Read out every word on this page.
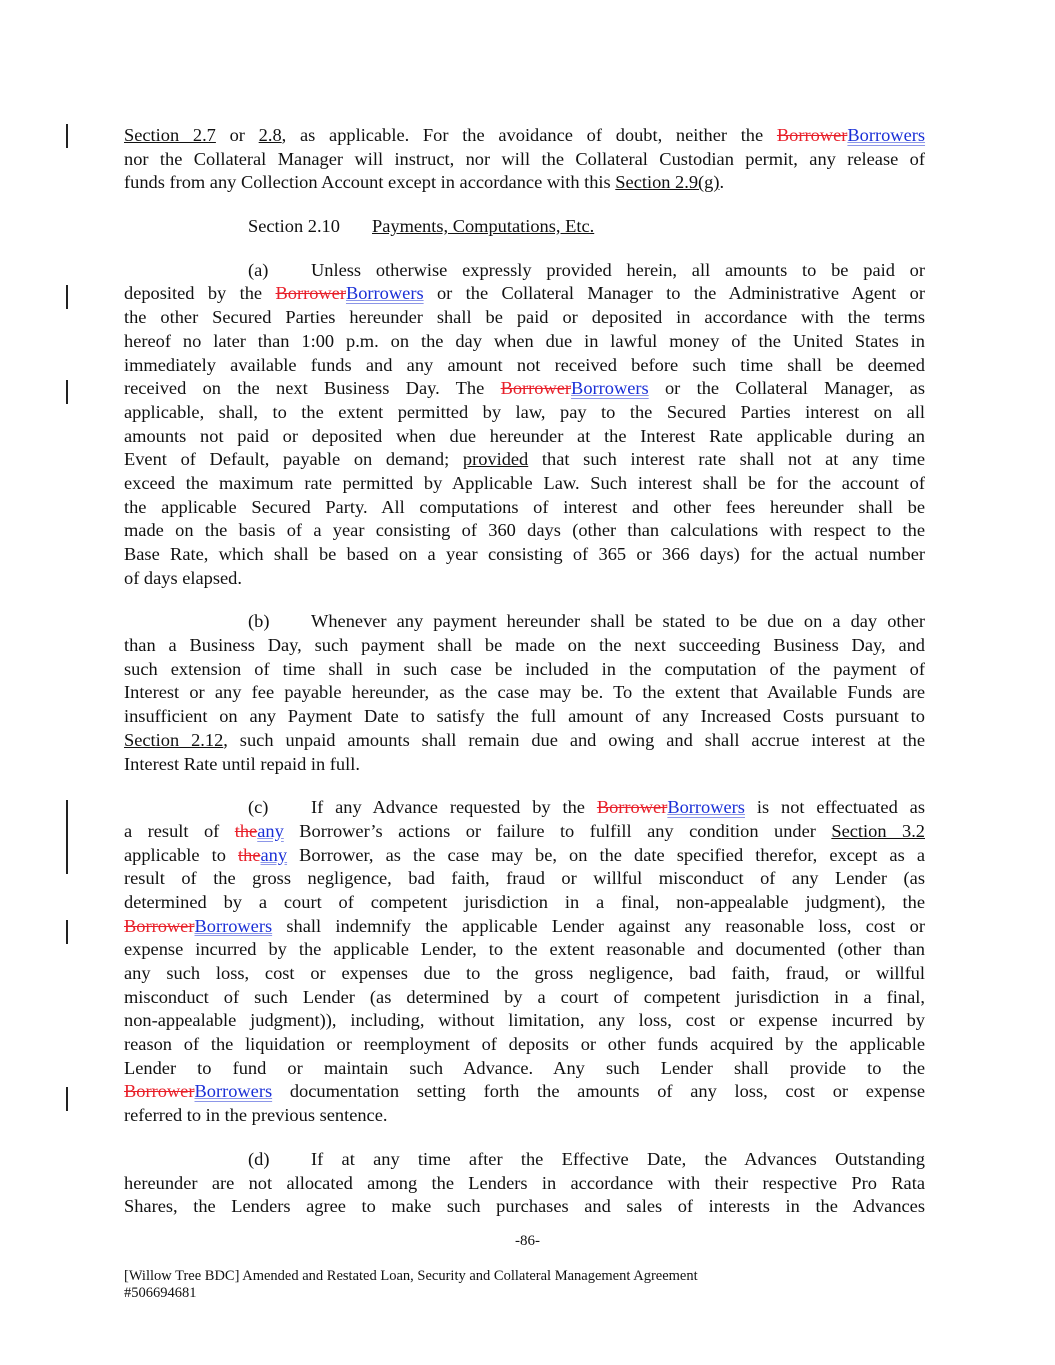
Section 2.7 or 2.8, as applicable. For the avoidance of doubt, neither the BorrowerBorrowers
nor the Collateral Manager will instruct, nor will the Collateral Custodian permit, any release of
funds from any Collection Account except in accordance with this Section 2.9(g).
Section 2.10 Payments, Computations, Etc.
(a) Unless otherwise expressly provided herein, all amounts to be paid or
deposited by the BorrowerBorrowers or the Collateral Manager to the Administrative Agent or
the other Secured Parties hereunder shall be paid or deposited in accordance with the terms
hereof no later than 1:00 p.m. on the day when due in lawful money of the United States in
immediately available funds and any amount not received before such time shall be deemed
received on the next Business Day. The BorrowerBorrowers or the Collateral Manager, as
applicable, shall, to the extent permitted by law, pay to the Secured Parties interest on all
amounts not paid or deposited when due hereunder at the Interest Rate applicable during an
Event of Default, payable on demand; provided that such interest rate shall not at any time
exceed the maximum rate permitted by Applicable Law. Such interest shall be for the account of
the applicable Secured Party. All computations of interest and other fees hereunder shall be
made on the basis of a year consisting of 360 days (other than calculations with respect to the
Base Rate, which shall be based on a year consisting of 365 or 366 days) for the actual number
of days elapsed.
(b) Whenever any payment hereunder shall be stated to be due on a day other
than a Business Day, such payment shall be made on the next succeeding Business Day, and
such extension of time shall in such case be included in the computation of the payment of
Interest or any fee payable hereunder, as the case may be. To the extent that Available Funds are
insufficient on any Payment Date to satisfy the full amount of any Increased Costs pursuant to
Section 2.12, such unpaid amounts shall remain due and owing and shall accrue interest at the
Interest Rate until repaid in full.
(c) If any Advance requested by the BorrowerBorrowers is not effectuated as
a result of theany Borrower’s actions or failure to fulfill any condition under Section 3.2
applicable to theany Borrower, as the case may be, on the date specified therefor, except as a
result of the gross negligence, bad faith, fraud or willful misconduct of any Lender (as
determined by a court of competent jurisdiction in a final, non-appealable judgment), the
BorrowerBorrowers shall indemnify the applicable Lender against any reasonable loss, cost or
expense incurred by the applicable Lender, to the extent reasonable and documented (other than
any such loss, cost or expenses due to the gross negligence, bad faith, fraud, or willful
misconduct of such Lender (as determined by a court of competent jurisdiction in a final,
non-appealable judgment)), including, without limitation, any loss, cost or expense incurred by
reason of the liquidation or reemployment of deposits or other funds acquired by the applicable
Lender to fund or maintain such Advance. Any such Lender shall provide to the
BorrowerBorrowers documentation setting forth the amounts of any loss, cost or expense
referred to in the previous sentence.
(d) If at any time after the Effective Date, the Advances Outstanding
hereunder are not allocated among the Lenders in accordance with their respective Pro Rata
Shares, the Lenders agree to make such purchases and sales of interests in the Advances
-86-
[Willow Tree BDC] Amended and Restated Loan, Security and Collateral Management Agreement
#506694681
